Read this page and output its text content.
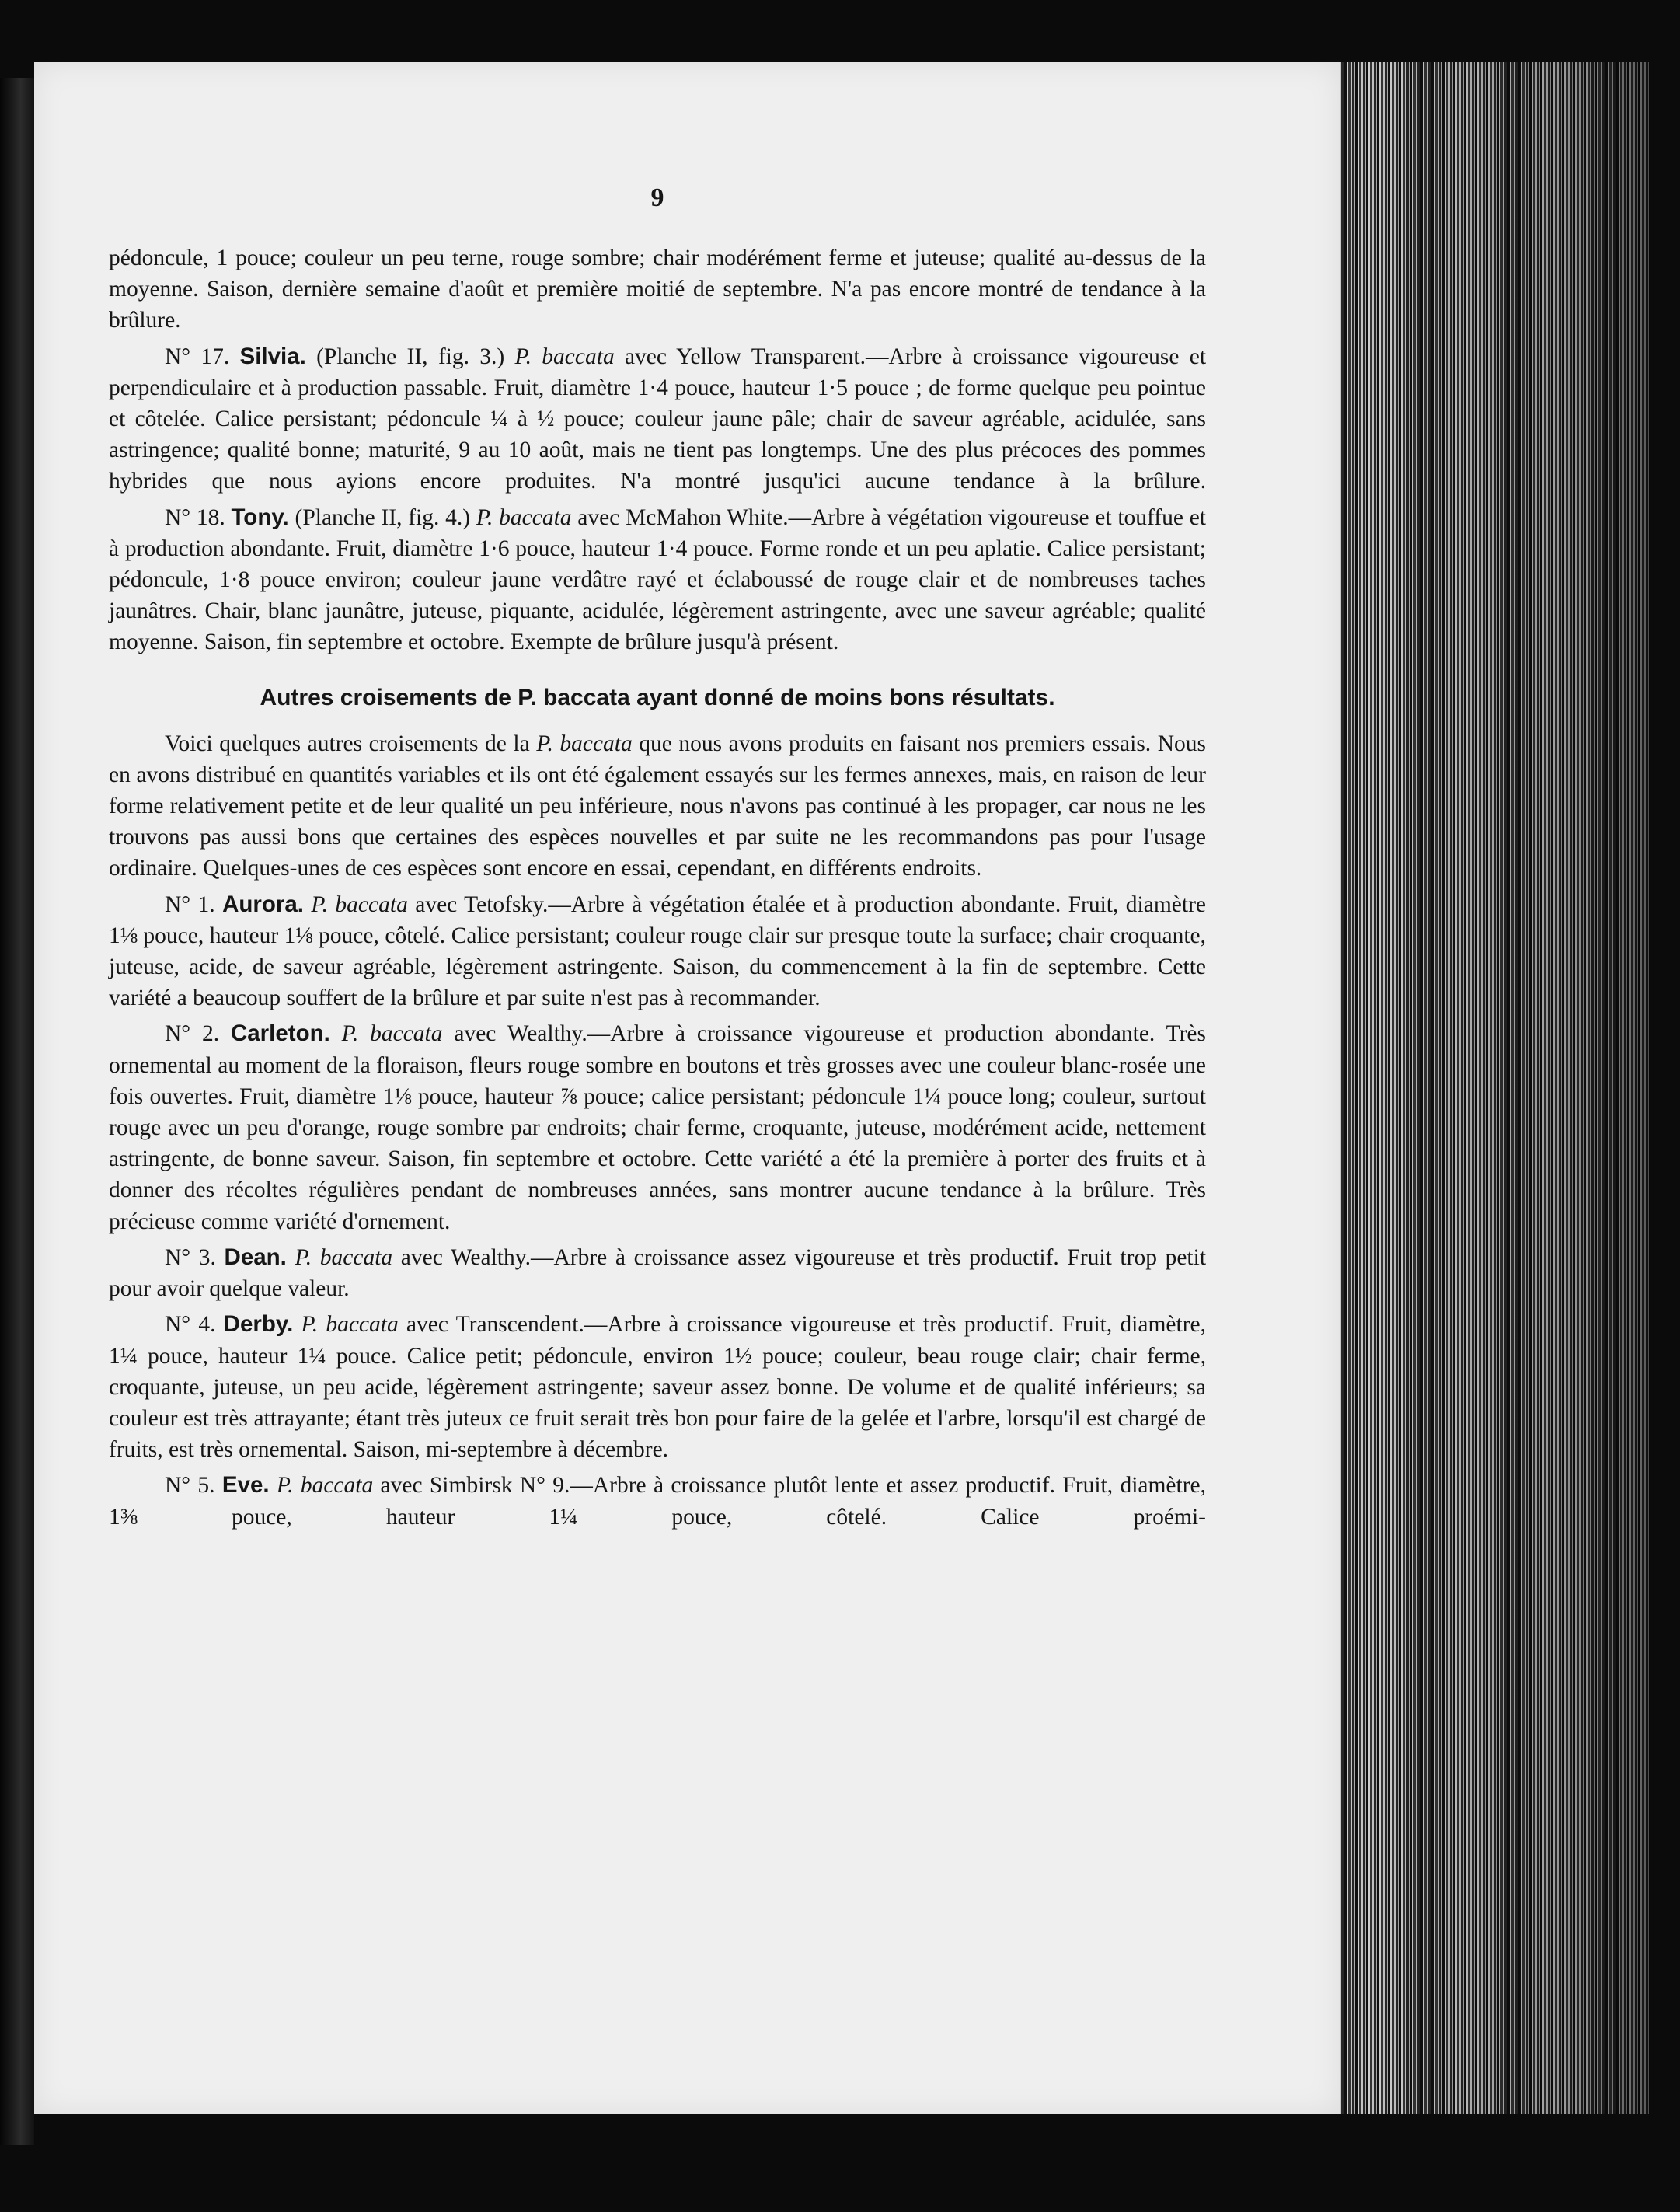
9

pédoncule, 1 pouce; couleur un peu terne, rouge sombre; chair modérément ferme et juteuse; qualité au-dessus de la moyenne. Saison, dernière semaine d'août et première moitié de septembre. N'a pas encore montré de tendance à la brûlure.

N° 17. Silvia. (Planche II, fig. 3.) P. baccata avec Yellow Transparent.—Arbre à croissance vigoureuse et perpendiculaire et à production passable. Fruit, diamètre 1·4 pouce, hauteur 1·5 pouce ; de forme quelque peu pointue et côtelée. Calice persistant; pédoncule ¼ à ½ pouce; couleur jaune pâle; chair de saveur agréable, acidulée, sans astringence; qualité bonne; maturité, 9 au 10 août, mais ne tient pas longtemps. Une des plus précoces des pommes hybrides que nous ayions encore produites. N'a montré jusqu'ici aucune tendance à la brûlure.

N° 18. Tony. (Planche II, fig. 4.) P. baccata avec McMahon White.—Arbre à végétation vigoureuse et touffue et à production abondante. Fruit, diamètre 1·6 pouce, hauteur 1·4 pouce. Forme ronde et un peu aplatie. Calice persistant; pédoncule, 1·8 pouce environ; couleur jaune verdâtre rayé et éclaboussé de rouge clair et de nombreuses taches jaunâtres. Chair, blanc jaunâtre, juteuse, piquante, acidulée, légèrement astringente, avec une saveur agréable; qualité moyenne. Saison, fin septembre et octobre. Exempte de brûlure jusqu'à présent.

Autres croisements de P. baccata ayant donné de moins bons résultats.

Voici quelques autres croisements de la P. baccata que nous avons produits en faisant nos premiers essais. Nous en avons distribué en quantités variables et ils ont été également essayés sur les fermes annexes, mais, en raison de leur forme relativement petite et de leur qualité un peu inférieure, nous n'avons pas continué à les propager, car nous ne les trouvons pas aussi bons que certaines des espèces nouvelles et par suite ne les recommandons pas pour l'usage ordinaire. Quelques-unes de ces espèces sont encore en essai, cependant, en différents endroits.

N° 1. Aurora. P. baccata avec Tetofsky.—Arbre à végétation étalée et à production abondante. Fruit, diamètre 1⅛ pouce, hauteur 1⅛ pouce, côtelé. Calice persistant; couleur rouge clair sur presque toute la surface; chair croquante, juteuse, acide, de saveur agréable, légèrement astringente. Saison, du commencement à la fin de septembre. Cette variété a beaucoup souffert de la brûlure et par suite n'est pas à recommander.

N° 2. Carleton. P. baccata avec Wealthy.—Arbre à croissance vigoureuse et production abondante. Très ornemental au moment de la floraison, fleurs rouge sombre en boutons et très grosses avec une couleur blanc-rosée une fois ouvertes. Fruit, diamètre 1⅛ pouce, hauteur ⅞ pouce; calice persistant; pédoncule 1¼ pouce long; couleur, surtout rouge avec un peu d'orange, rouge sombre par endroits; chair ferme, croquante, juteuse, modérément acide, nettement astringente, de bonne saveur. Saison, fin septembre et octobre. Cette variété a été la première à porter des fruits et à donner des récoltes régulières pendant de nombreuses années, sans montrer aucune tendance à la brûlure. Très précieuse comme variété d'ornement.

N° 3. Dean. P. baccata avec Wealthy.—Arbre à croissance assez vigoureuse et très productif. Fruit trop petit pour avoir quelque valeur.

N° 4. Derby. P. baccata avec Transcendent.—Arbre à croissance vigoureuse et très productif. Fruit, diamètre, 1¼ pouce, hauteur 1¼ pouce. Calice petit; pédoncule, environ 1½ pouce; couleur, beau rouge clair; chair ferme, croquante, juteuse, un peu acide, légèrement astringente; saveur assez bonne. De volume et de qualité inférieurs; sa couleur est très attrayante; étant très juteux ce fruit serait très bon pour faire de la gelée et l'arbre, lorsqu'il est chargé de fruits, est très ornemental. Saison, mi-septembre à décembre.

N° 5. Eve. P. baccata avec Simbirsk N° 9.—Arbre à croissance plutôt lente et assez productif. Fruit, diamètre, 1⅜ pouce, hauteur 1¼ pouce, côtelé. Calice proémi-
